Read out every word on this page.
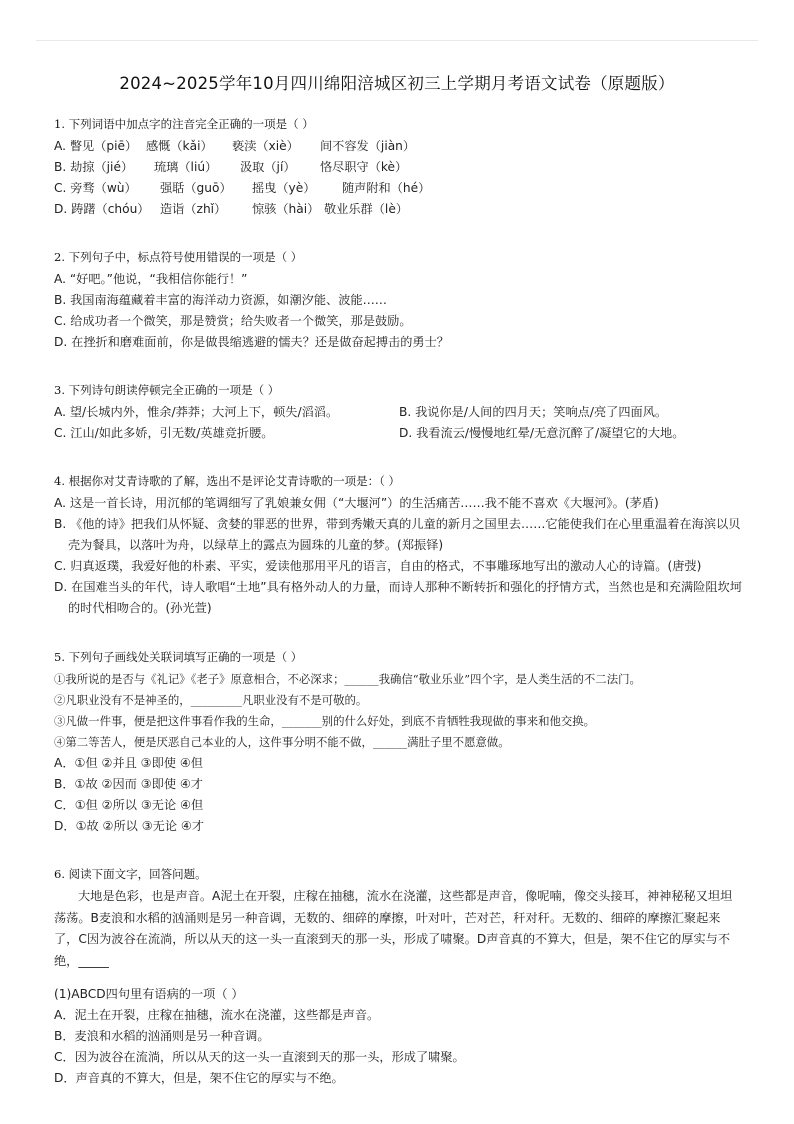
2024~2025学年10月四川绵阳涪城区初三上学期月考语文试卷（原题版）
1. 下列词语中加点字的注音完全正确的一项是（ ）
A. 瞥见（piē） 感慨（kǎi） 亵渎（xiè） 间不容发（jiàn）
B. 劫掠（jié） 琉璃（liú） 汲取（jí） 恪尽职守（kè）
C. 旁骛（wù） 强聒（guō） 摇曳（yè） 随声附和（hé）
D. 踌躇（chóu） 造诣（zhǐ） 惊骇（hài） 敬业乐群（lè）
2. 下列句子中，标点符号使用错误的一项是（ ）
A. “好吧。”他说，“我相信你能行！”
B. 我国南海蕴藏着丰富的海洋动力资源，如潮汐能、波能……
C. 给成功者一个微笑，那是赞赏；给失败者一个微笑，那是鼓励。
D. 在挫折和磨难面前，你是做畏缩逃避的懦夫？还是做奋起搏击的勇士？
3. 下列诗句朗读停顿完全正确的一项是（ ）
A. 望/长城内外，惟余/莽莽；大河上下，顿失/滔滔。	B. 我说你是/人间的四月天；笑响点/亮了四面风。
C. 江山/如此多娇，引无数/英雄竞折腰。	D. 我看流云/慢慢地红晕/无意沉醉了/凝望它的大地。
4. 根据你对艾青诗歌的了解，选出不是评论艾青诗歌的一项是：（ ）
A. 这是一首长诗，用沉郁的笔调细写了乳娘兼女佣（“大堰河”）的生活痛苦……我不能不喜欢《大堰河》。(茅盾)
B. 《他的诗》把我们从怀疑、贪婪的罪恶的世界，带到秀嫩天真的儿童的新月之国里去……它能使我们在心里重温着在海滨以贝壳为餐具，以落叶为舟，以绿草上的露点为圆珠的儿童的梦。(郑振铎)
C. 归真返璞，我爱好他的朴素、平实，爱读他那用平凡的语言，自由的格式，不事雕琢地写出的激动人心的诗篇。(唐弢)
D. 在国难当头的年代，诗人歌唱“土地”具有格外动人的力量，而诗人那种不断转折和强化的抒情方式，当然也是和充满险阻坎坷的时代相吻合的。(孙光萱)
5. 下列句子画线处关联词填写正确的一项是（ ）
①我所说的是否与《礼记》《老子》原意相合，不必深求；______我确信“敬业乐业”四个字，是人类生活的不二法门。
②凡职业没有不是神圣的，_________凡职业没有不是可敬的。
③凡做一件事，便是把这件事看作我的生命，_______别的什么好处，到底不肯牺牲我现做的事来和他交换。
④第二等苦人，便是厌恶自己本业的人，这件事分明不能不做，______满肚子里不愿意做。
A．①但 ②并且 ③即使 ④但
B．①故 ②因而 ③即使 ④才
C．①但 ②所以 ③无论 ④但
D．①故 ②所以 ③无论 ④才
6. 阅读下面文字，回答问题。
大地是色彩，也是声音。A泥土在开裂，庄稼在抽穗，流水在浇灌，这些都是声音，像呢喃，像交头接耳，神神秘秘又坦坦荡荡。B麦浪和水稻的汹涌则是另一种音调，无数的、细碎的摩擦，叶对叶，芒对芒，秆对秆。无数的、细碎的摩擦汇聚起来了，C因为波谷在流淌，所以从天的这一头一直滚到天的那一头，形成了啸聚。D声音真的不算大，但是，架不住它的厚实与不绝，_____
(1)ABCD四句里有语病的一项（ ）
A．泥土在开裂，庄稼在抽穗，流水在浇灌，这些都是声音。
B．麦浪和水稻的汹涌则是另一种音调。
C．因为波谷在流淌，所以从天的这一头一直滚到天的那一头，形成了啸聚。
D．声音真的不算大，但是，架不住它的厚实与不绝。
